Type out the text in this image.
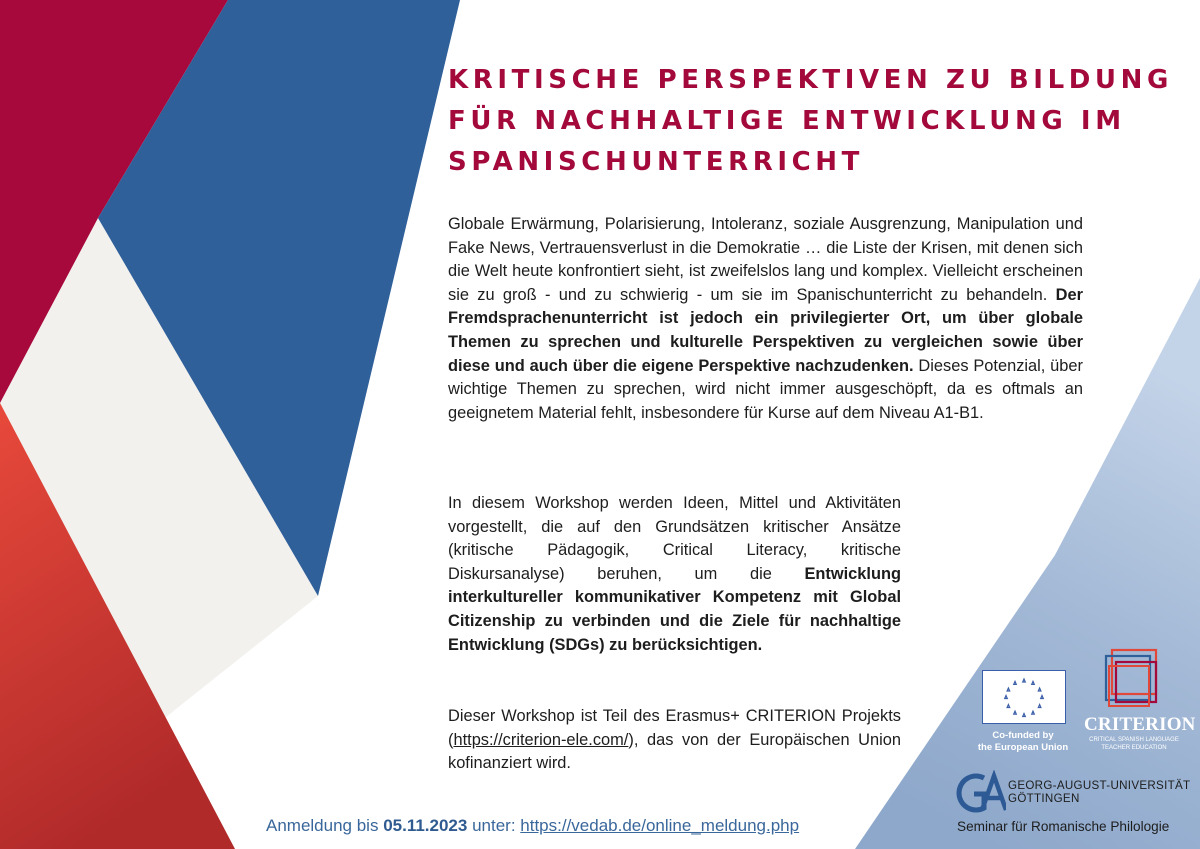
KRITISCHE PERSPEKTIVEN ZU BILDUNG
FÜR NACHHALTIGE ENTWICKLUNG IM
SPANISCHUNTERRICHT

Globale Erwärmung, Polarisierung, Intoleranz, soziale Ausgrenzung, Manipulation und Fake News, Vertrauensverlust in die Demokratie … die Liste der Krisen, mit denen sich die Welt heute konfrontiert sieht, ist zweifelslos lang und komplex. Vielleicht erscheinen sie zu groß - und zu schwierig - um sie im Spanischunterricht zu behandeln. Der Fremdsprachenunterricht ist jedoch ein privilegierter Ort, um über globale Themen zu sprechen und kulturelle Perspektiven zu vergleichen sowie über diese und auch über die eigene Perspektive nachzudenken. Dieses Potenzial, über wichtige Themen zu sprechen, wird nicht immer ausgeschöpft, da es oftmals an geeignetem Material fehlt, insbesondere für Kurse auf dem Niveau A1-B1.

In diesem Workshop werden Ideen, Mittel und Aktivitäten vorgestellt, die auf den Grundsätzen kritischer Ansätze (kritische Pädagogik, Critical Literacy, kritische Diskursanalyse) beruhen, um die Entwicklung interkultureller kommunikativer Kompetenz mit Global Citizenship zu verbinden und die Ziele für nachhaltige Entwicklung (SDGs) zu berücksichtigen.

Dieser Workshop ist Teil des Erasmus+ CRITERION Projekts (https://criterion-ele.com/), das von der Europäischen Union kofinanziert wird.

Anmeldung bis 05.11.2023 unter: https://vedab.de/online_meldung.php
Co-funded by
the European Union
CRITERION
CRITICAL SPANISH LANGUAGE
TEACHER EDUCATION
GEORG-AUGUST-UNIVERSITÄT
GÖTTINGEN
Seminar für Romanische Philologie
